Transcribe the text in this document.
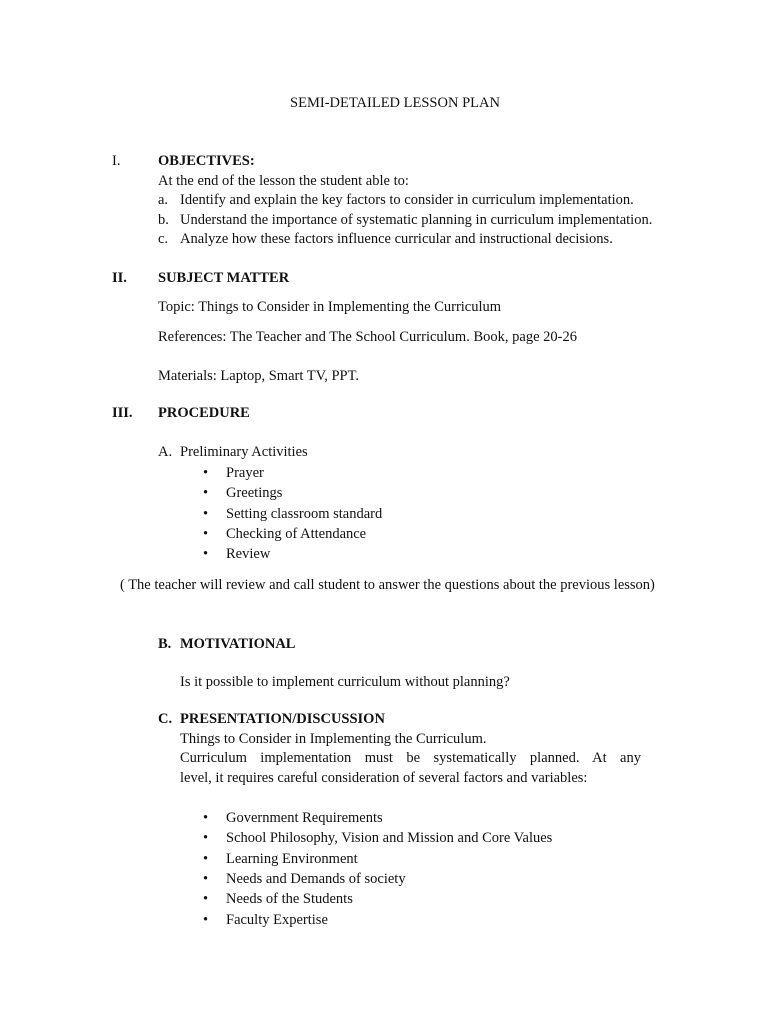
SEMI-DETAILED LESSON PLAN
I.	OBJECTIVES:
At the end of the lesson the student able to:
a. Identify and explain the key factors to consider in curriculum implementation.
b. Understand the importance of systematic planning in curriculum implementation.
c. Analyze how these factors influence curricular and instructional decisions.
II. SUBJECT MATTER
Topic: Things to Consider in Implementing the Curriculum
References: The Teacher and The School Curriculum. Book, page 20-26
Materials: Laptop, Smart TV, PPT.
III. PROCEDURE
A. Preliminary Activities
• Prayer
• Greetings
• Setting classroom standard
• Checking of Attendance
• Review
( The teacher will review and call student to answer the questions about the previous lesson)
B. MOTIVATIONAL
Is it possible to implement curriculum without planning?
C. PRESENTATION/DISCUSSION
Things to Consider in Implementing the Curriculum.
Curriculum implementation must be systematically planned. At any
level, it requires careful consideration of several factors and variables:
• Government Requirements
• School Philosophy, Vision and Mission and Core Values
• Learning Environment
• Needs and Demands of society
• Needs of the Students
• Faculty Expertise
